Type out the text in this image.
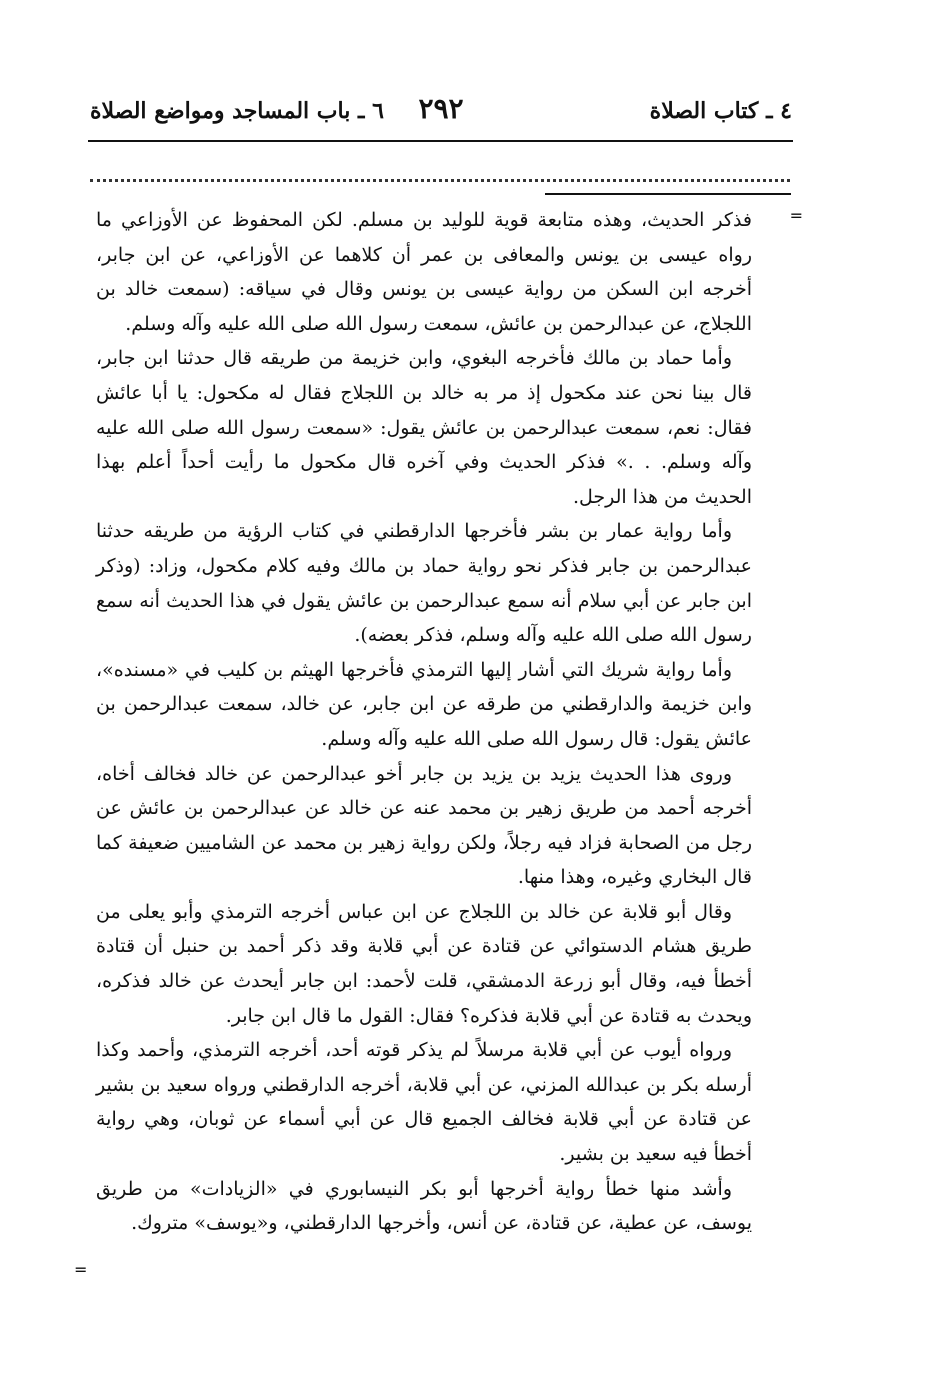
٤ ـ كتاب الصلاة
٢٩٢
٦ ـ باب المساجد ومواضع الصلاة
=

فذكر الحديث، وهذه متابعة قوية للوليد بن مسلم. لكن المحفوظ عن الأوزاعي ما رواه عيسى بن يونس والمعافى بن عمر أن كلاهما عن الأوزاعي، عن ابن جابر، أخرجه ابن السكن من رواية عيسى بن يونس وقال في سياقه: (سمعت خالد بن اللجلاج، عن عبدالرحمن بن عائش، سمعت رسول الله صلى الله عليه وآله وسلم.

وأما حماد بن مالك فأخرجه البغوي، وابن خزيمة من طريقه قال حدثنا ابن جابر، قال بينا نحن عند مكحول إذ مر به خالد بن اللجلاج فقال له مكحول: يا أبا عائش فقال: نعم، سمعت عبدالرحمن بن عائش يقول: «سمعت رسول الله صلى الله عليه وآله وسلم. . .» فذكر الحديث وفي آخره قال مكحول ما رأيت أحداً أعلم بهذا الحديث من هذا الرجل.

وأما رواية عمار بن بشر فأخرجها الدارقطني في كتاب الرؤية من طريقه حدثنا عبدالرحمن بن جابر فذكر نحو رواية حماد بن مالك وفيه كلام مكحول، وزاد: (وذكر ابن جابر عن أبي سلام أنه سمع عبدالرحمن بن عائش يقول في هذا الحديث أنه سمع رسول الله صلى الله عليه وآله وسلم، فذكر بعضه).

وأما رواية شريك التي أشار إليها الترمذي فأخرجها الهيثم بن كليب في «مسنده»، وابن خزيمة والدارقطني من طرقه عن ابن جابر، عن خالد، سمعت عبدالرحمن بن عائش يقول: قال رسول الله صلى الله عليه وآله وسلم.

وروى هذا الحديث يزيد بن يزيد بن جابر أخو عبدالرحمن عن خالد فخالف أخاه، أخرجه أحمد من طريق زهير بن محمد عنه عن خالد عن عبدالرحمن بن عائش عن رجل من الصحابة فزاد فيه رجلاً، ولكن رواية زهير بن محمد عن الشاميين ضعيفة كما قال البخاري وغيره، وهذا منها.

وقال أبو قلابة عن خالد بن اللجلاج عن ابن عباس أخرجه الترمذي وأبو يعلى من طريق هشام الدستوائي عن قتادة عن أبي قلابة وقد ذكر أحمد بن حنبل أن قتادة أخطأ فيه، وقال أبو زرعة الدمشقي، قلت لأحمد: ابن جابر أيحدث عن خالد فذكره، ويحدث به قتادة عن أبي قلابة فذكره؟ فقال: القول ما قال ابن جابر.

ورواه أيوب عن أبي قلابة مرسلاً لم يذكر قوته أحد، أخرجه الترمذي، وأحمد وكذا أرسله بكر بن عبدالله المزني، عن أبي قلابة، أخرجه الدارقطني ورواه سعيد بن بشير عن قتادة عن أبي قلابة فخالف الجميع قال عن أبي أسماء عن ثوبان، وهي رواية أخطأ فيه سعيد بن بشير.

وأشد منها خطأ رواية أخرجها أبو بكر النيسابوري في «الزيادات» من طريق يوسف، عن عطية، عن قتادة، عن أنس، وأخرجها الدارقطني، و«يوسف» متروك.

=
